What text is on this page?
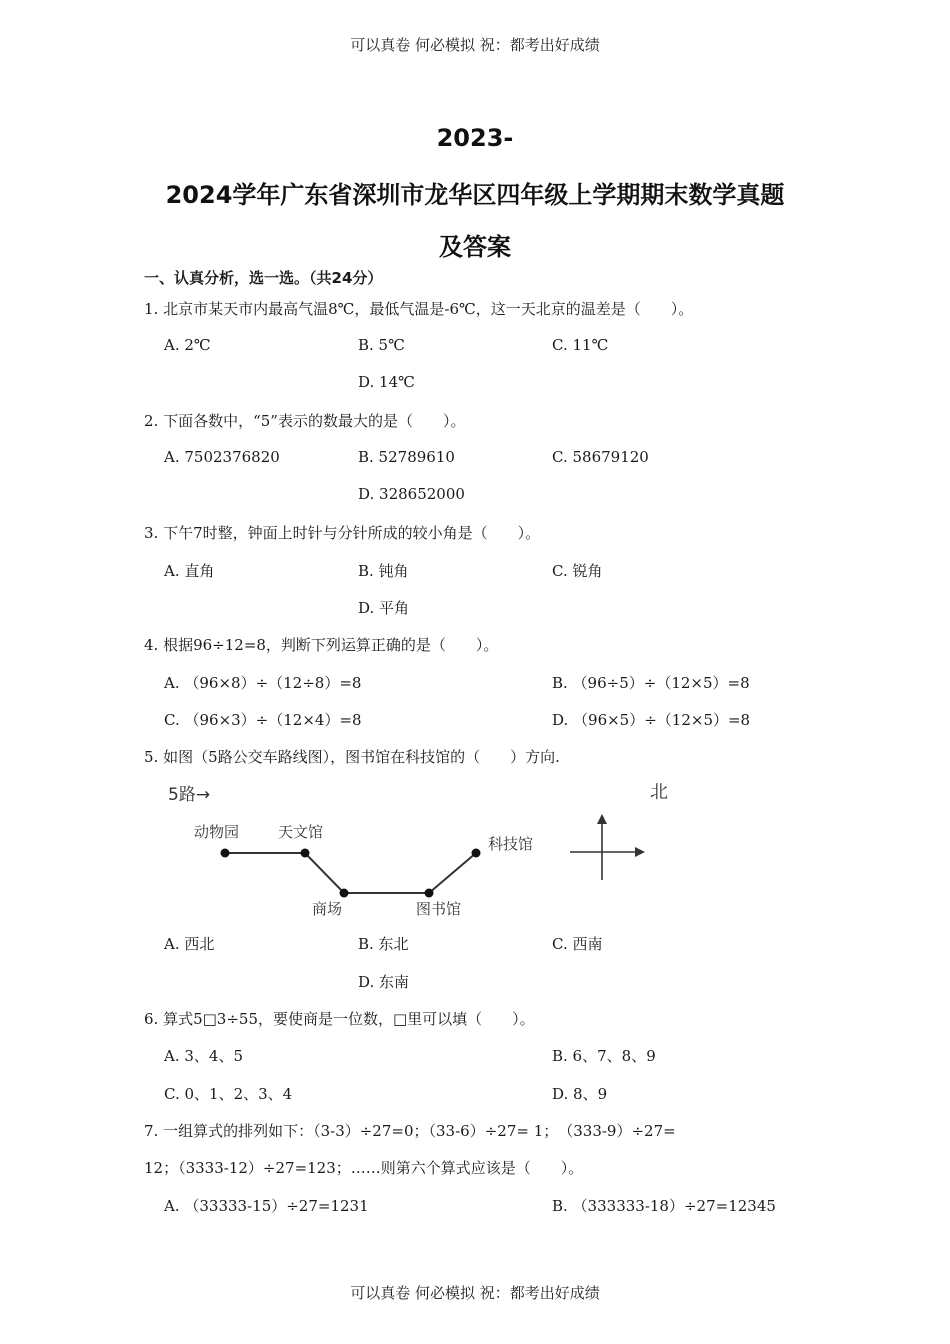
可以真卷 何必模拟 祝：都考出好成绩
2023-
2024学年广东省深圳市龙华区四年级上学期期末数学真题
及答案
一、认真分析，选一选。（共24分）
1. 北京市某天市内最高气温8℃，最低气温是-6℃，这一天北京的温差是（　　）。
A. 2℃	B. 5℃	C. 11℃
D. 14℃
2. 下面各数中，“5”表示的数最大的是（　　）。
A. 7502376820	B. 52789610	C. 58679120
D. 328652000
3. 下午7时整，钟面上时针与分针所成的较小角是（　　）。
A. 直角	B. 钝角	C. 锐角
D. 平角
4. 根据96÷12=8，判断下列运算正确的是（　　）。
A. （96×8）÷（12÷8）=8	B. （96÷5）÷（12×5）=8
C. （96×3）÷（12×4）=8	D. （96×5）÷（12×5）=8
5. 如图（5路公交车路线图），图书馆在科技馆的（　　）方向.
5路→	北
动物园	天文馆
商场	图书馆
科技馆
A. 西北	B. 东北	C. 西南
D. 东南
6. 算式5□3÷55，要使商是一位数，□里可以填（　　）。
A. 3、4、5	B. 6、7、8、9
C. 0、1、2、3、4	D. 8、9
7. 一组算式的排列如下：（3-3）÷27=0；（33-6）÷27= 1；　（333-9）÷27=
12；（3333-12）÷27=123；……则第六个算式应该是（　　）。
A. （33333-15）÷27=1231	B. （333333-18）÷27=12345
可以真卷 何必模拟 祝：都考出好成绩
